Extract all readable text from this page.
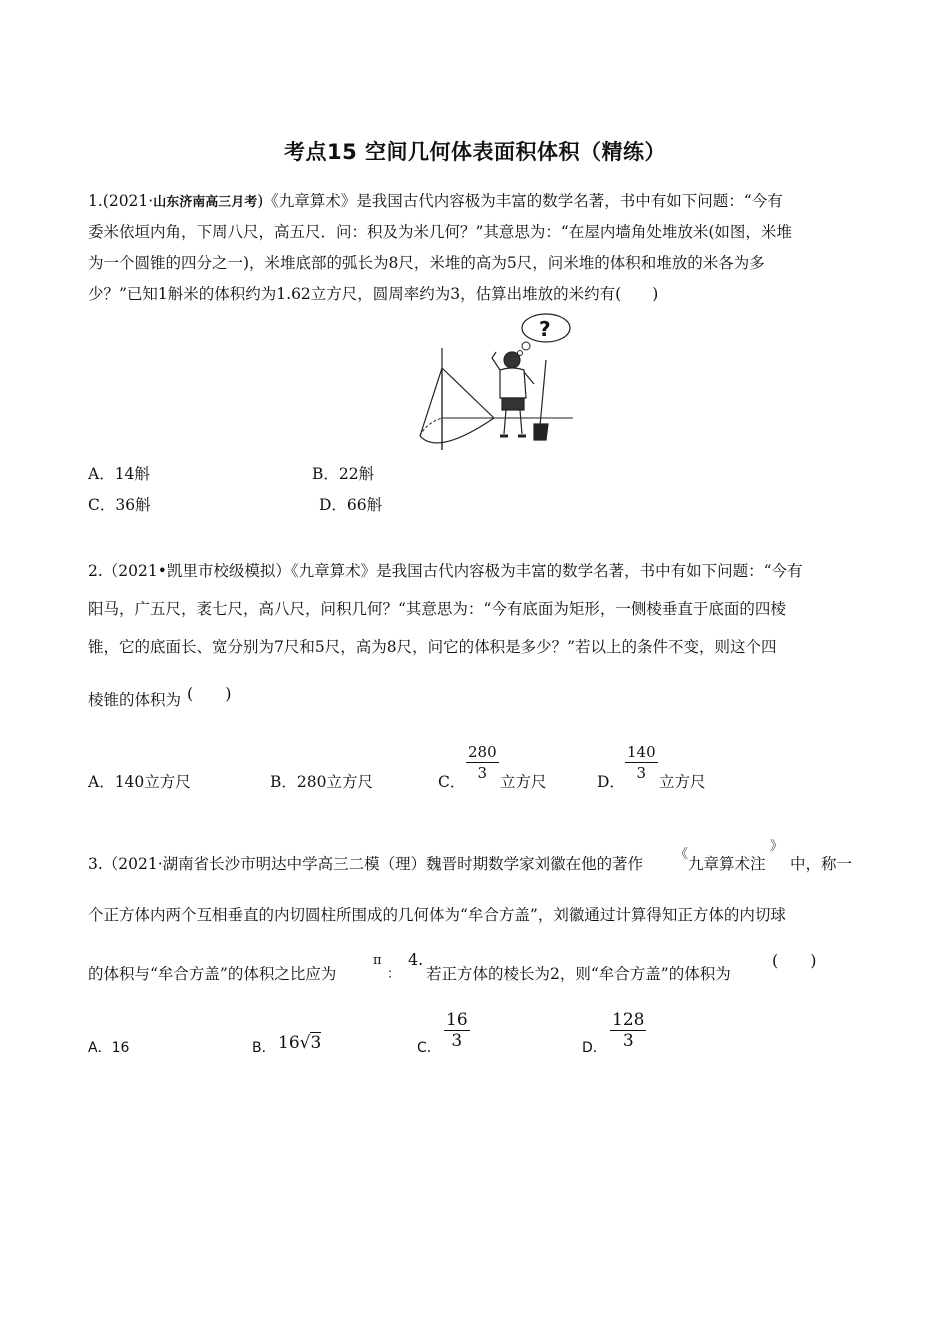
考点15 空间几何体表面积体积（精练）
1.(2021·山东济南高三月考)《九章算术》是我国古代内容极为丰富的数学名著，书中有如下问题：“今有
委米依垣内角，下周八尺，高五尺．问：积及为米几何？”其意思为：“在屋内墙角处堆放米(如图，米堆
为一个圆锥的四分之一)，米堆底部的弧长为8尺，米堆的高为5尺，问米堆的体积和堆放的米各为多
少？”已知1斛米的体积约为1.62立方尺，圆周率约为3，估算出堆放的米约有(　　)
?
A．14斛	B．22斛
C．36斛	D．66斛
2.（2021•凯里市校级模拟）《九章算术》是我国古代内容极为丰富的数学名著，书中有如下问题：“今有
阳马，广五尺，袤七尺，高八尺，问积几何？“其意思为：“今有底面为矩形，一侧棱垂直于底面的四棱
锥，它的底面长、宽分别为7尺和5尺，高为8尺，问它的体积是多少？”若以上的条件不变，则这个四
棱锥的体积为 (　　)
A．140立方尺	B．280立方尺	C． $\frac{280}{3}$ 立方尺	D． $\frac{140}{3}$ 立方尺
3.（2021·湖南省长沙市明达中学高三二模（理）魏晋时期数学家刘徽在他的著作
《
九章算术注
》
中，称一
个正方体内两个互相垂直的内切圆柱所围成的几何体为“牟合方盖”，刘徽通过计算得知正方体的内切球
的体积与“牟合方盖”的体积之比应为
π
：
4.
若正方体的棱长为2，则“牟合方盖”的体积为
(　　)
A．16	B． 16√3	C． $\frac{16}{3}$	D． $\frac{128}{3}$
